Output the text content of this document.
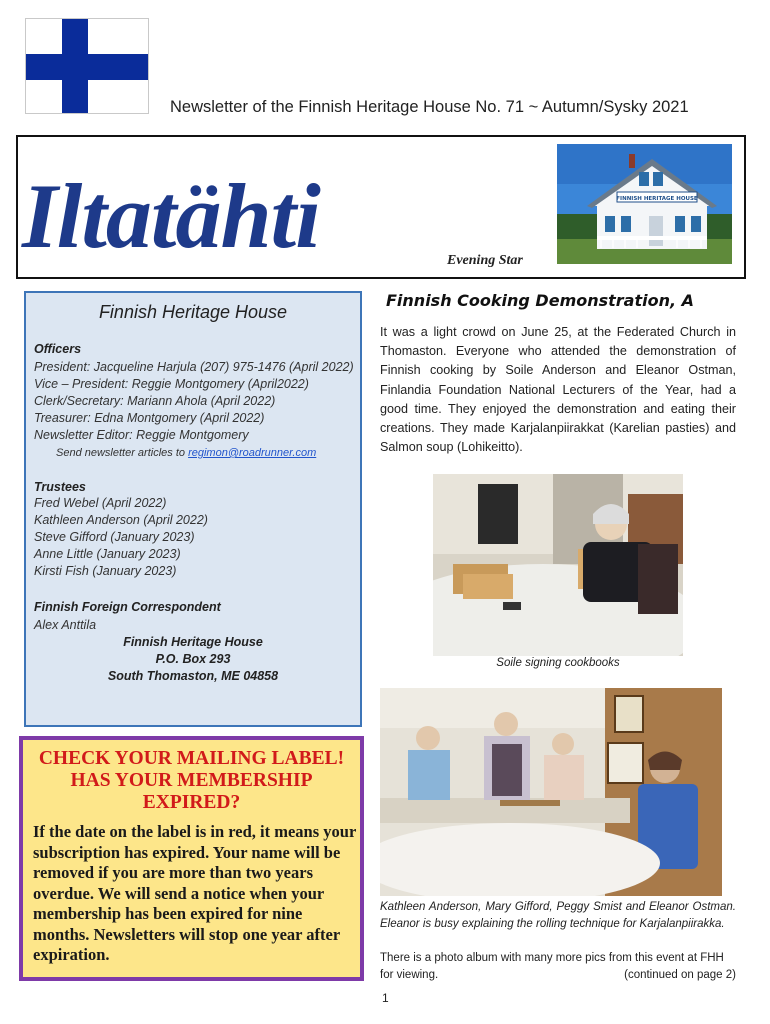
Newsletter of the Finnish Heritage House No. 71 ~ Autumn/Sysky 2021
Iltatähti	Evening Star
FINNISH HERITAGE HOUSE
Finnish Heritage House
Officers
President: Jacqueline Harjula (207) 975-1476 (April 2022)
Vice – President: Reggie Montgomery (April2022)
Clerk/Secretary: Mariann Ahola (April 2022)
Treasurer: Edna Montgomery (April 2022)
Newsletter Editor: Reggie Montgomery
Send newsletter articles to regimon@roadrunner.com
Trustees
Fred Webel (April 2022)
Kathleen Anderson (April 2022)
Steve Gifford (January 2023)
Anne Little (January 2023)
Kirsti Fish (January 2023)
Finnish Foreign Correspondent
Alex Anttila
Finnish Heritage House
P.O. Box 293
South Thomaston, ME 04858
CHECK YOUR MAILING LABEL!
HAS YOUR MEMBERSHIP
EXPIRED?
If the date on the label is in red, it means your subscription has expired. Your name will be removed if you are more than two years overdue. We will send a notice when your membership has been expired for nine months. Newsletters will stop one year after expiration.
Finnish Cooking Demonstration, A
It was a light crowd on June 25, at the Federated Church in Thomaston. Everyone who attended the demonstration of Finnish cooking by Soile Anderson and Eleanor Ostman, Finlandia Foundation National Lecturers of the Year, had a good time. They enjoyed the demonstration and eating their creations. They made Karjalanpiirakkat (Karelian pasties) and Salmon soup (Lohikeitto).
Soile signing cookbooks
Kathleen Anderson, Mary Gifford, Peggy Smist and Eleanor Ostman. Eleanor is busy explaining the rolling technique for Karjalanpiirakka.
There is a photo album with many more pics from this event at FHH for viewing.	(continued on page 2)
1
